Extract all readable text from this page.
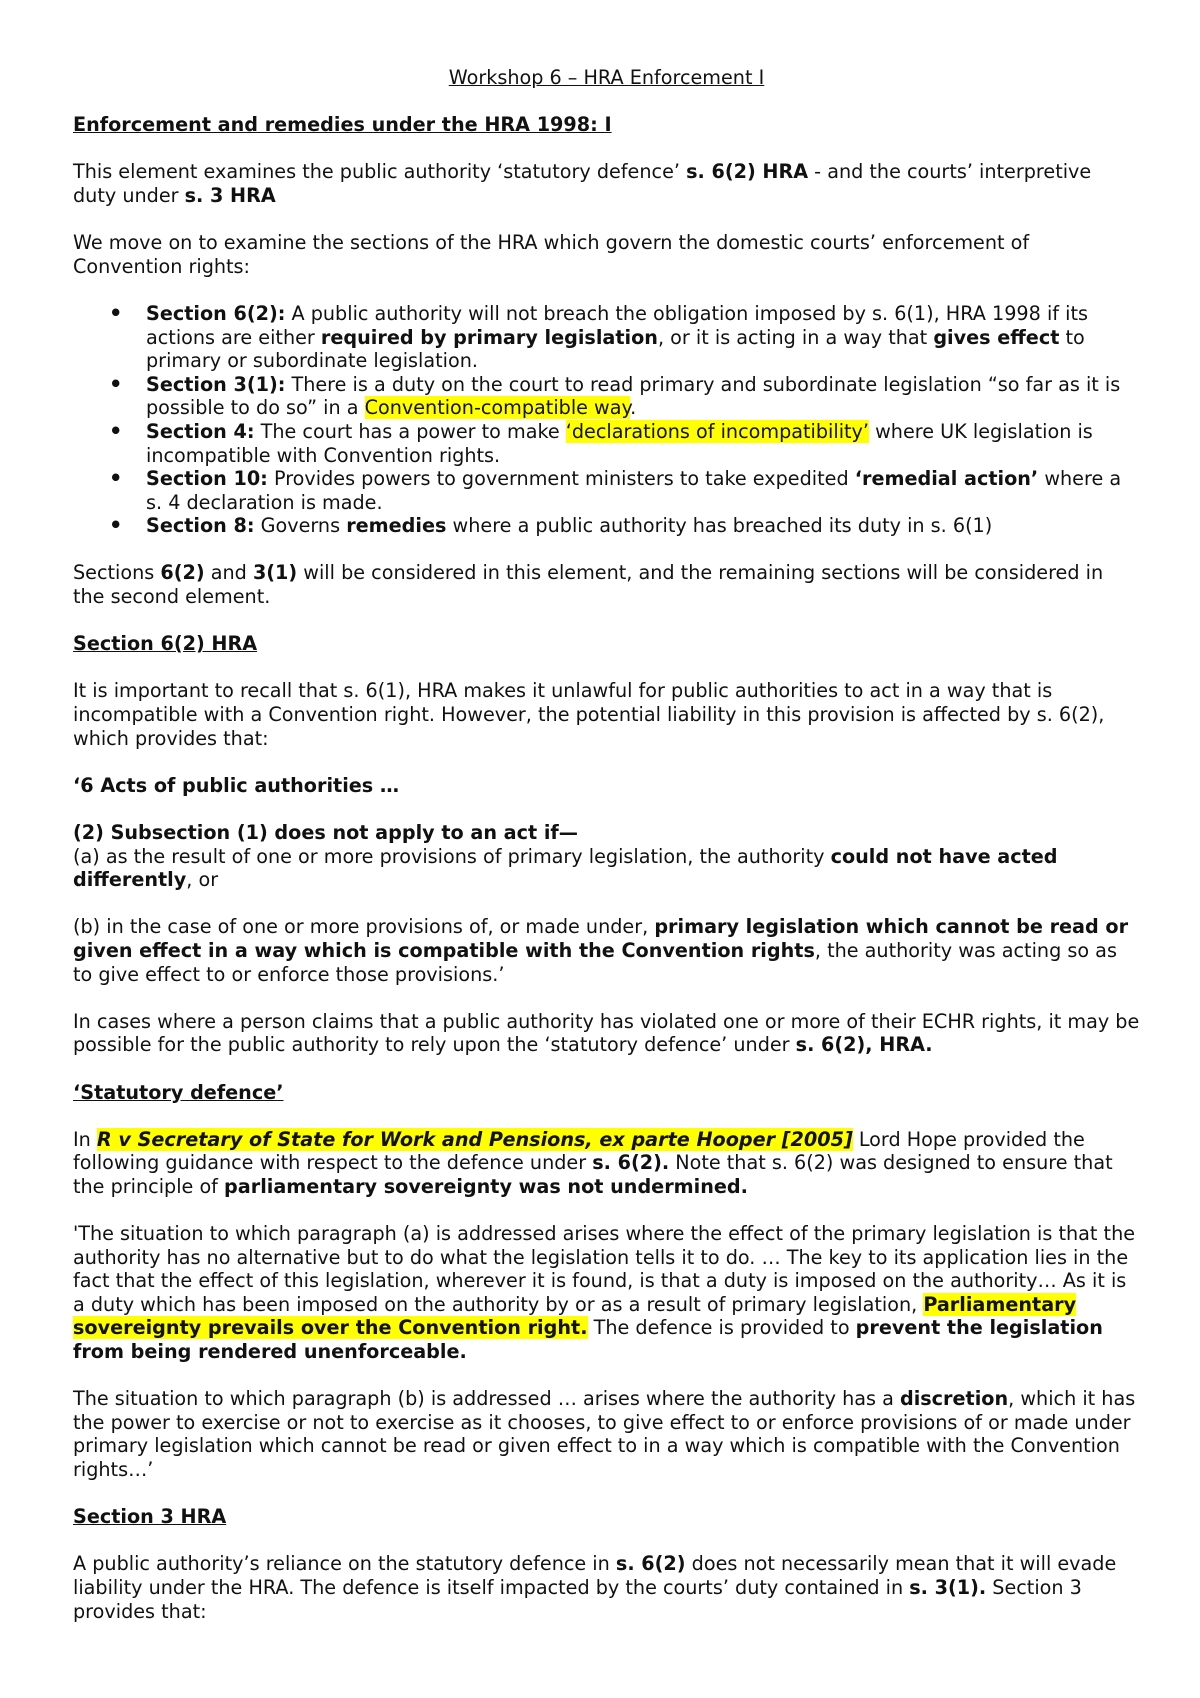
Workshop 6 – HRA Enforcement I

Enforcement and remedies under the HRA 1998: I

This element examines the public authority ‘statutory defence’ s. 6(2) HRA - and the courts’ interpretive duty under s. 3 HRA

We move on to examine the sections of the HRA which govern the domestic courts’ enforcement of Convention rights:

• Section 6(2): A public authority will not breach the obligation imposed by s. 6(1), HRA 1998 if its actions are either required by primary legislation, or it is acting in a way that gives effect to primary or subordinate legislation.
• Section 3(1): There is a duty on the court to read primary and subordinate legislation “so far as it is possible to do so” in a Convention-compatible way.
• Section 4: The court has a power to make ‘declarations of incompatibility’ where UK legislation is incompatible with Convention rights.
• Section 10: Provides powers to government ministers to take expedited ‘remedial action’ where a s. 4 declaration is made.
• Section 8: Governs remedies where a public authority has breached its duty in s. 6(1)

Sections 6(2) and 3(1) will be considered in this element, and the remaining sections will be considered in the second element.

Section 6(2) HRA

It is important to recall that s. 6(1), HRA makes it unlawful for public authorities to act in a way that is incompatible with a Convention right. However, the potential liability in this provision is affected by s. 6(2), which provides that:

‘6 Acts of public authorities …

(2) Subsection (1) does not apply to an act if—

(a) as the result of one or more provisions of primary legislation, the authority could not have acted differently, or

(b) in the case of one or more provisions of, or made under, primary legislation which cannot be read or given effect in a way which is compatible with the Convention rights, the authority was acting so as to give effect to or enforce those provisions.’

In cases where a person claims that a public authority has violated one or more of their ECHR rights, it may be possible for the public authority to rely upon the ‘statutory defence’ under s. 6(2), HRA.

‘Statutory defence’

In R v Secretary of State for Work and Pensions, ex parte Hooper [2005] Lord Hope provided the following guidance with respect to the defence under s. 6(2). Note that s. 6(2) was designed to ensure that the principle of parliamentary sovereignty was not undermined.

'The situation to which paragraph (a) is addressed arises where the effect of the primary legislation is that the authority has no alternative but to do what the legislation tells it to do. … The key to its application lies in the fact that the effect of this legislation, wherever it is found, is that a duty is imposed on the authority… As it is a duty which has been imposed on the authority by or as a result of primary legislation, Parliamentary sovereignty prevails over the Convention right. The defence is provided to prevent the legislation from being rendered unenforceable.

The situation to which paragraph (b) is addressed … arises where the authority has a discretion, which it has the power to exercise or not to exercise as it chooses, to give effect to or enforce provisions of or made under primary legislation which cannot be read or given effect to in a way which is compatible with the Convention rights…’

Section 3 HRA

A public authority’s reliance on the statutory defence in s. 6(2) does not necessarily mean that it will evade liability under the HRA. The defence is itself impacted by the courts’ duty contained in s. 3(1). Section 3 provides that:
